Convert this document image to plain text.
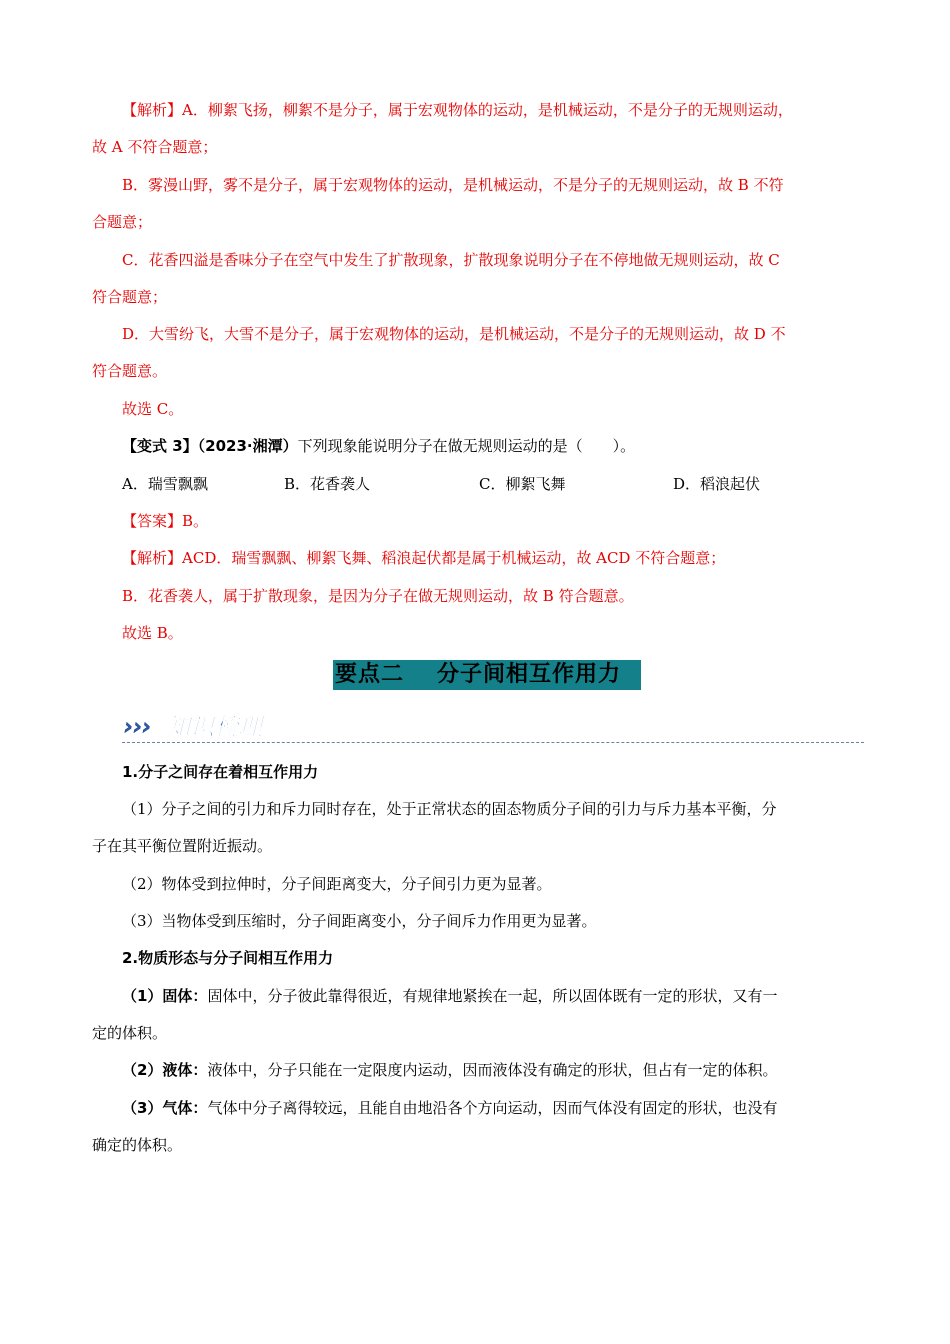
【解析】A．柳絮飞扬，柳絮不是分子，属于宏观物体的运动，是机械运动，不是分子的无规则运动，
故 A 不符合题意；
B．雾漫山野，雾不是分子，属于宏观物体的运动，是机械运动，不是分子的无规则运动，故 B 不符
合题意；
C．花香四溢是香味分子在空气中发生了扩散现象，扩散现象说明分子在不停地做无规则运动，故 C
符合题意；
D．大雪纷飞，大雪不是分子，属于宏观物体的运动，是机械运动，不是分子的无规则运动，故 D 不
符合题意。
故选 C。
【变式 3】（2023·湘潭）下列现象能说明分子在做无规则运动的是（　　）。
A．瑞雪飘飘	B．花香袭人	C．柳絮飞舞	D．稻浪起伏
【答案】B。
【解析】ACD．瑞雪飘飘、柳絮飞舞、稻浪起伏都是属于机械运动，故 ACD 不符合题意；
B．花香袭人，属于扩散现象，是因为分子在做无规则运动，故 B 符合题意。
故选 B。
要点二 分子间相互作用力
››› 知识梳理
1.分子之间存在着相互作用力
（1）分子之间的引力和斥力同时存在，处于正常状态的固态物质分子间的引力与斥力基本平衡，分
子在其平衡位置附近振动。
（2）物体受到拉伸时，分子间距离变大，分子间引力更为显著。
（3）当物体受到压缩时，分子间距离变小，分子间斥力作用更为显著。
2.物质形态与分子间相互作用力
（1）固体：固体中，分子彼此靠得很近，有规律地紧挨在一起，所以固体既有一定的形状，又有一
定的体积。
（2）液体：液体中，分子只能在一定限度内运动，因而液体没有确定的形状，但占有一定的体积。
（3）气体：气体中分子离得较远，且能自由地沿各个方向运动，因而气体没有固定的形状，也没有
确定的体积。
